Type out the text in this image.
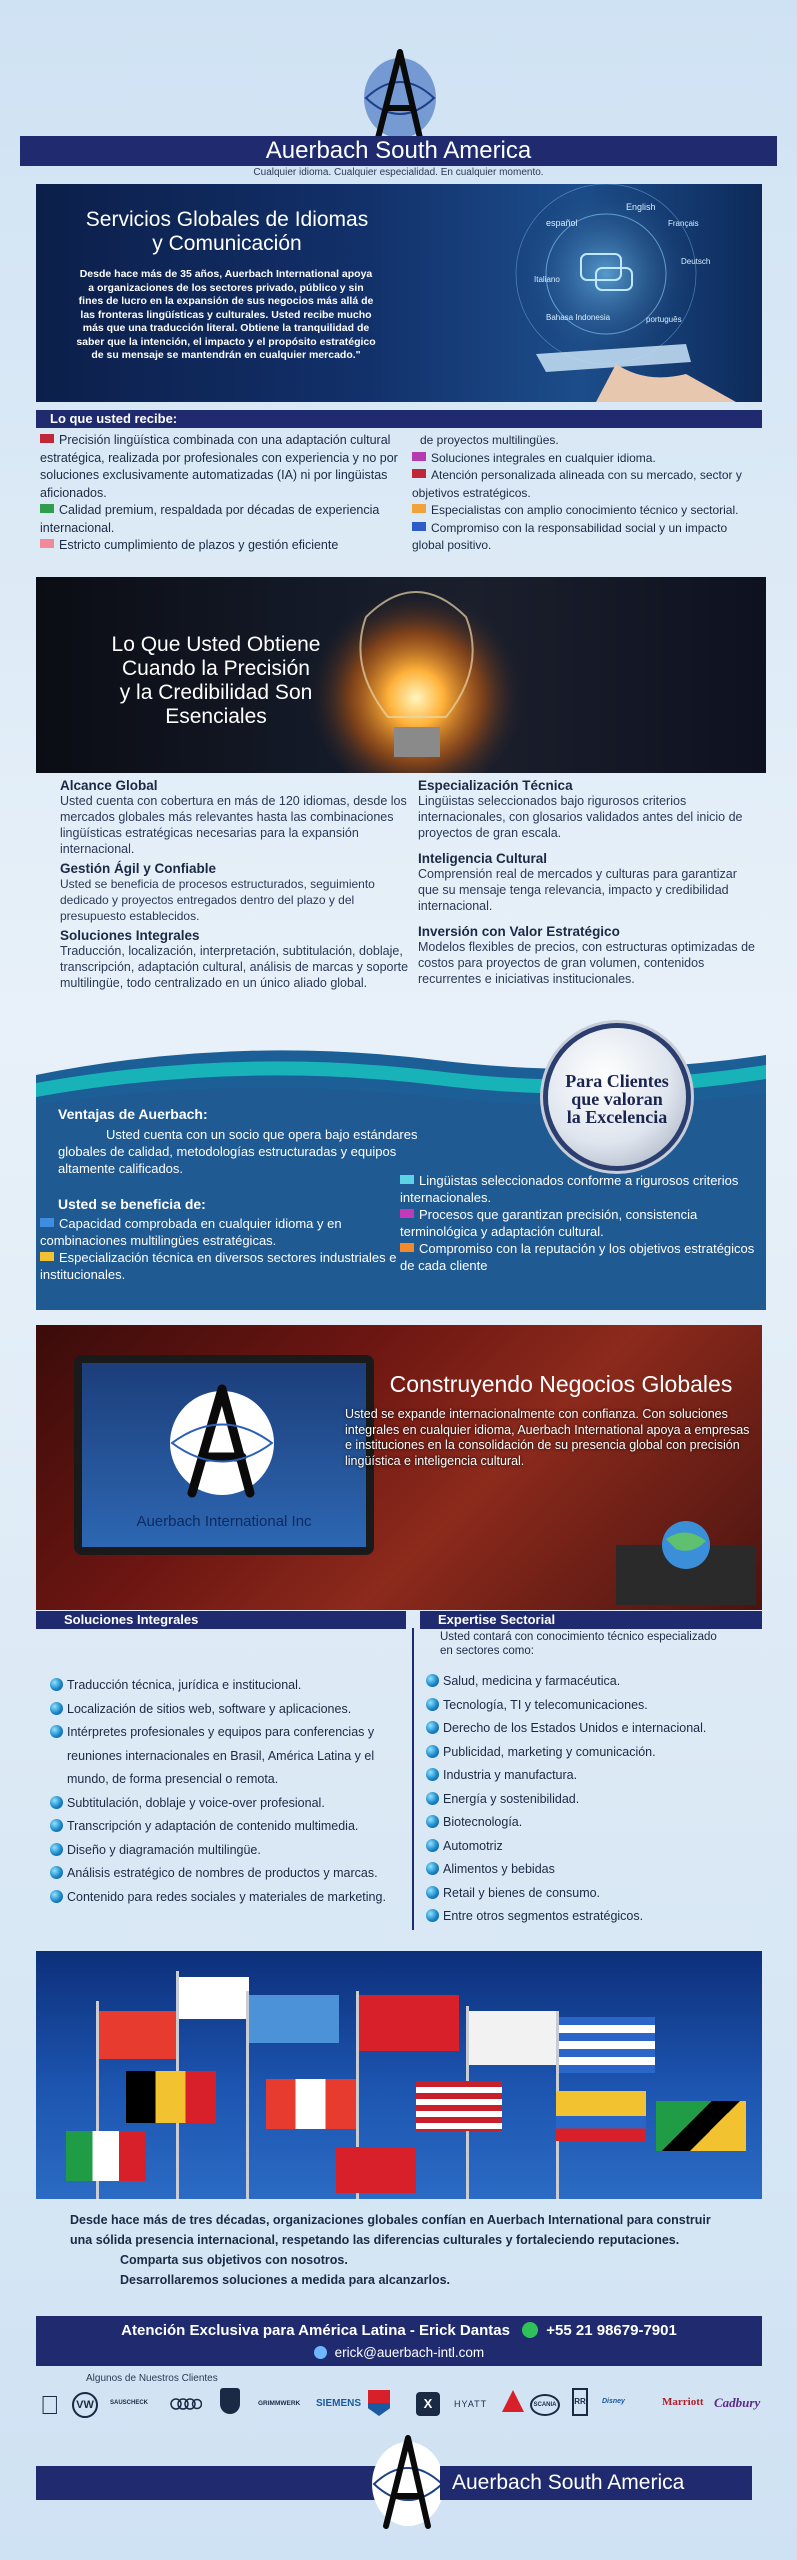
Auerbach South America
Cualquier idioma. Cualquier especialidad. En cualquier momento.
Servicios Globales de Idiomas
y Comunicación

Desde hace más de 35 años, Auerbach International apoya a organizaciones de los sectores privado, público y sin fines de lucro en la expansión de sus negocios más allá de las fronteras lingüísticas y culturales. Usted recibe mucho más que una traducción literal. Obtiene la tranquilidad de saber que la intención, el impacto y el propósito estratégico de su mensaje se mantendrán en cualquier mercado."

English
español	Français
Deutsch
Italiano
Bahasa Indonesia	português
Lo que usted recibe:
Precisión lingüística combinada con una adaptación cultural estratégica, realizada por profesionales con experiencia y no por soluciones exclusivamente automatizadas (IA) ni por lingüistas aficionados.
Calidad premium, respaldada por décadas de experiencia internacional.
Estricto cumplimiento de plazos y gestión eficiente
de proyectos multilingües.
Soluciones integrales en cualquier idioma.
Atención personalizada alineada con su mercado, sector y objetivos estratégicos.
Especialistas con amplio conocimiento técnico y sectorial.
Compromiso con la responsabilidad social y un impacto global positivo.
Lo Que Usted Obtiene
Cuando la Precisión
y la Credibilidad Son
Esenciales
Alcance Global

Usted cuenta con cobertura en más de 120 idiomas, desde los mercados globales más relevantes hasta las combinaciones lingüísticas estratégicas necesarias para la expansión internacional.

Gestión Ágil y Confiable

Usted se beneficia de procesos estructurados, seguimiento dedicado y proyectos entregados dentro del plazo y del presupuesto establecidos.

Soluciones Integrales

Traducción, localización, interpretación, subtitulación, doblaje, transcripción, adaptación cultural, análisis de marcas y soporte multilingüe, todo centralizado en un único aliado global.

Especialización Técnica

Lingüistas seleccionados bajo rigurosos criterios internacionales, con glosarios validados antes del inicio de proyectos de gran escala.

Inteligencia Cultural

Comprensión real de mercados y culturas para garantizar que su mensaje tenga relevancia, impacto y credibilidad internacional.

Inversión con Valor Estratégico

Modelos flexibles de precios, con estructuras optimizadas de costos para proyectos de gran volumen, contenidos recurrentes e iniciativas institucionales.

Para Clientes
que valoran
la Excelencia
Ventajas de Auerbach:
Usted cuenta con un socio que opera bajo estándares globales de calidad, metodologías estructuradas y equipos altamente calificados.
Usted se beneficia de:
Capacidad comprobada en cualquier idioma y en combinaciones multilingües estratégicas.
Especialización técnica en diversos sectores industriales e institucionales.
Lingüistas seleccionados conforme a rigurosos criterios internacionales.
Procesos que garantizan precisión, consistencia terminológica y adaptación cultural.
Compromiso con la reputación y los objetivos estratégicos de cada cliente
Auerbach International Inc
Construyendo Negocios Globales

Usted se expande internacionalmente con confianza. Con soluciones integrales en cualquier idioma, Auerbach International apoya a empresas e instituciones en la consolidación de su presencia global con precisión lingüística e inteligencia cultural.

Soluciones Integrales	Expertise Sectorial
Usted contará con conocimiento técnico especializado
en sectores como:
Traducción técnica, jurídica e institucional.
Localización de sitios web, software y aplicaciones.
Intérpretes profesionales y equipos para conferencias y
reuniones internacionales en Brasil, América Latina y el
mundo, de forma presencial o remota.
Subtitulación, doblaje y voice-over profesional.
Transcripción y adaptación de contenido multimedia.
Diseño y diagramación multilingüe.
Análisis estratégico de nombres de productos y marcas.
Contenido para redes sociales y materiales de marketing.
Salud, medicina y farmacéutica.
Tecnología, TI y telecomunicaciones.
Derecho de los Estados Unidos e internacional.
Publicidad, marketing y comunicación.
Industria y manufactura.
Energía y sostenibilidad.
Biotecnología.
Automotriz
Alimentos y bebidas
Retail y bienes de consumo.
Entre otros segmentos estratégicos.
Desde hace más de tres décadas, organizaciones globales confían en Auerbach International para construir
una sólida presencia internacional, respetando las diferencias culturales y fortaleciendo reputaciones.
Comparta sus objetivos con nosotros.
Desarrollaremos soluciones a medida para alcanzarlos.
Atención Exclusiva para América Latina - Erick Dantas +55 21 98679-7901
erick@auerbach-intl.com
Algunos de Nuestros Clientes
VW	SAUSCHECK	GRIMMWERK SIEMENS	X	HYATT	SCANIA	RR	Disney	Marriott Cadbury
Auerbach South America
